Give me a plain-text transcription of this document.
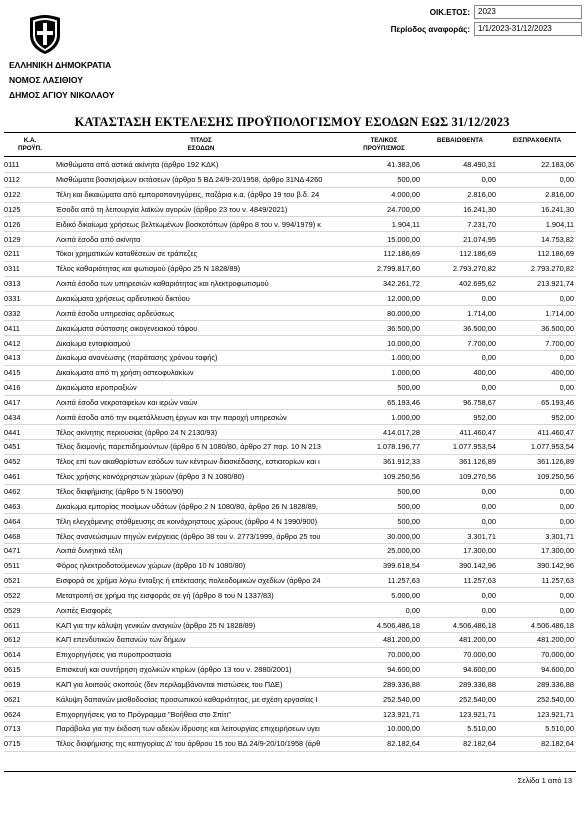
ΟΙΚ.ΕΤΟΣ:	2023
Περίοδος αναφοράς:	1/1/2023-31/12/2023
ΕΛΛΗΝΙΚΗ ΔΗΜΟΚΡΑΤΙΑ
ΝΟΜΟΣ ΛΑΣΙΘΙΟΥ
ΔΗΜΟΣ ΑΓΙΟΥ ΝΙΚΟΛΑΟΥ
ΚΑΤΑΣΤΑΣΗ ΕΚΤΕΛΕΣΗΣ ΠΡΟΫΠΟΛΟΓΙΣΜΟΥ ΕΣΟΔΩΝ ΕΩΣ 31/12/2023
Κ.Α.
ΠΡΟΫΠ.
ΤΙΤΛΟΣ
ΕΣΟΔΩΝ
ΤΕΛΙΚΟΣ
ΠΡΟΫΠ/ΣΜΟΣ
ΒΕΒΑΙΩΘΕΝΤΑ	ΕΙΣΠΡΑΧΘΕΝΤΑ
0111	Μισθώματα από αστικά ακίνητα (άρθρο 192 ΚΔΚ)	41.383,06	48.490,31	22.183,06
0112	Μισθώματα βοσκησίμων εκτάσεων (άρθρο 5 ΒΔ 24/9-20/1958, άρθρο 31ΝΔ 4260	500,00	0,00	0,00
0122	Τέλη και δικαιώματα από εμποροπανηγύρεις, παζάρια κ.α. (άρθρο 19 του β.δ. 24	4.000,00	2.816,00	2.816,00
0125	Έσοδα από τη λειτουργία λαϊκών αγορών (άρθρο 23 του ν. 4849/2021)	24.700,00	16.241,30	16.241,30
0126	Ειδικό δικαίωμα χρήσεως βελτιωμένων βοσκοτόπων (άρθρο 8 του ν. 994/1979) κ	1.904,11	7.231,70	1.904,11
0129	Λοιπά έσοδα από ακίνητα	15.000,00	21.074,95	14.753,82
0211	Τόκοι χρηματικών καταθέσεων σε τράπεζες	112.186,69	112.186,69	112.186,69
0311	Τέλος καθαριότητας και φωτισμού (άρθρο 25 Ν 1828/89)	2.799.817,60	2.793.270,82	2.793.270,82
0313	Λοιπά έσοδα των υπηρεσιών καθαριότητας και ηλεκτροφωτισμού	342.261,72	402.695,62	213.921,74
0331	Δικαιώματα χρήσεως αρδευτικού δικτύου	12.000,00	0,00	0,00
0332	Λοιπά έσοδα υπηρεσίας αρδεύσεως	80.000,00	1.714,00	1.714,00
0411	Δικαιώματα σύστασης οικογενειακού τάφου	36.500,00	36.500,00	36.500,00
0412	Δικαίωμα ενταφιασμού	10.000,00	7.700,00	7.700,00
0413	Δικαίωμα ανανέωσης (παράτασης χρόνου ταφής)	1.000,00	0,00	0,00
0415	Δικαίωματα από τη χρήση οστεοφυλακίων	1.000,00	400,00	400,00
0416	Δικαιώματα ιεροπραξιών	500,00	0,00	0,00
0417	Λοιπά έσοδα νεκροταφείων και ιερών ναών	65.193,46	96.758,67	65.193,46
0434	Λοιπά έσοδα από την εκμετάλλευση έργων και την παροχή υπηρεσιών	1.000,00	952,00	952,00
0441	Τέλος ακίνητης περιουσίας (άρθρο 24 Ν 2130/93)	414.017,28	411.460,47	411.460,47
0451	Τέλος διαμονής παρεπιδημούντων (άρθρο 6 Ν 1080/80, άρθρο 27 παρ. 10 Ν 213	1.078.196,77	1.077.953,54	1.077.953,54
0452	Τέλος επί των ακαθαρίστων εσόδων των κέντρων διασκέδασης, εστιατορίων και ι	361.912,33	361.126,89	361.126,89
0461	Τέλος χρήσης κοινόχρηστων χώρων (άρθρο 3 Ν 1080/80)	109.250,56	109.270,56	109.250,56
0462	Τέλος διαφήμισης (άρθρο 5 Ν 1900/90)	500,00	0,00	0,00
0463	Δικαίωμα εμπορίας ποσίμων υδάτων (άρθρο 2 Ν 1080/80, άρθρο 26 Ν 1828/89,	500,00	0,00	0,00
0464	Τέλη ελεγχόμενης στάθμευσης σε κοινόχρηστους χώρους (άρθρο 4 Ν 1990/900)	500,00	0,00	0,00
0468	Τέλος ανανεώσιμων πηγών ενέργειας (άρθρο 38 του ν. 2773/1999, άρθρο 25 του	30.000,00	3.301,71	3.301,71
0471	Λοιπά δυνητικά τέλη	25.000,00	17.300,00	17.300,00
0511	Φόρος ηλεκτροδοτούμενων χώρων (άρθρο 10 Ν 1080/80)	399.618,54	390.142,96	390.142,96
0521	Εισφορά σε χρήμα λόγω ένταξης ή επέκτασης πολεοδομικών σχεδίων (άρθρο 24	11.257,63	11.257,63	11.257,63
0522	Μετατροπή σε χρήμα της εισφοράς σε γή (άρθρο 8 του Ν 1337/83)	5.000,00	0,00	0,00
0529	Λοιπές Εισφορές	0,00	0,00	0,00
0611	ΚΑΠ για την κάλυψη γενικών αναγκών (άρθρο 25 Ν 1828/89)	4.506.486,18	4.506.486,18	4.506.486,18
0612	ΚΑΠ επενδυτικών δαπανών των δήμων	481.200,00	481.200,00	481.200,00
0614	Επιχορηγήσεις για πυροπροστασία	70.000,00	70.000,00	70.000,00
0615	Επισκευή και συντήρηση σχολικών κτιρίων (άρθρο 13 του ν. 2880/2001)	94.600,00	94.600,00	94.600,00
0619	ΚΑΠ για λοιπούς σκοπούς (δεν περιλαμβάνονται πιστώσεις του ΠΔΕ)	289.336,88	289.336,88	289.336,88
0621	Κάλυψη δαπανών μισθοδοσίας προσωπικού καθαριότητας, με σχέση εργασίας Ι	252.540,00	252.540,00	252.540,00
0624	Επιχορηγήσεις για το Πρόγραμμα "Βοήθεια στο Σπίτι"	123.921,71	123.921,71	123.921,71
0713	Παράβολα για την έκδοση των αδειών ίδρυσης και λειτουργίας επιχειρήσεων υγει	10.000,00	5.510,00	5.510,00
0715	Τέλος διαφήμισης της κατηγορίας Δ' του άρθρου 15 του ΒΔ 24/9-20/10/1958 (άρθ	82.182,64	82.182,64	82.182,64
Σελίδα 1 από 13
